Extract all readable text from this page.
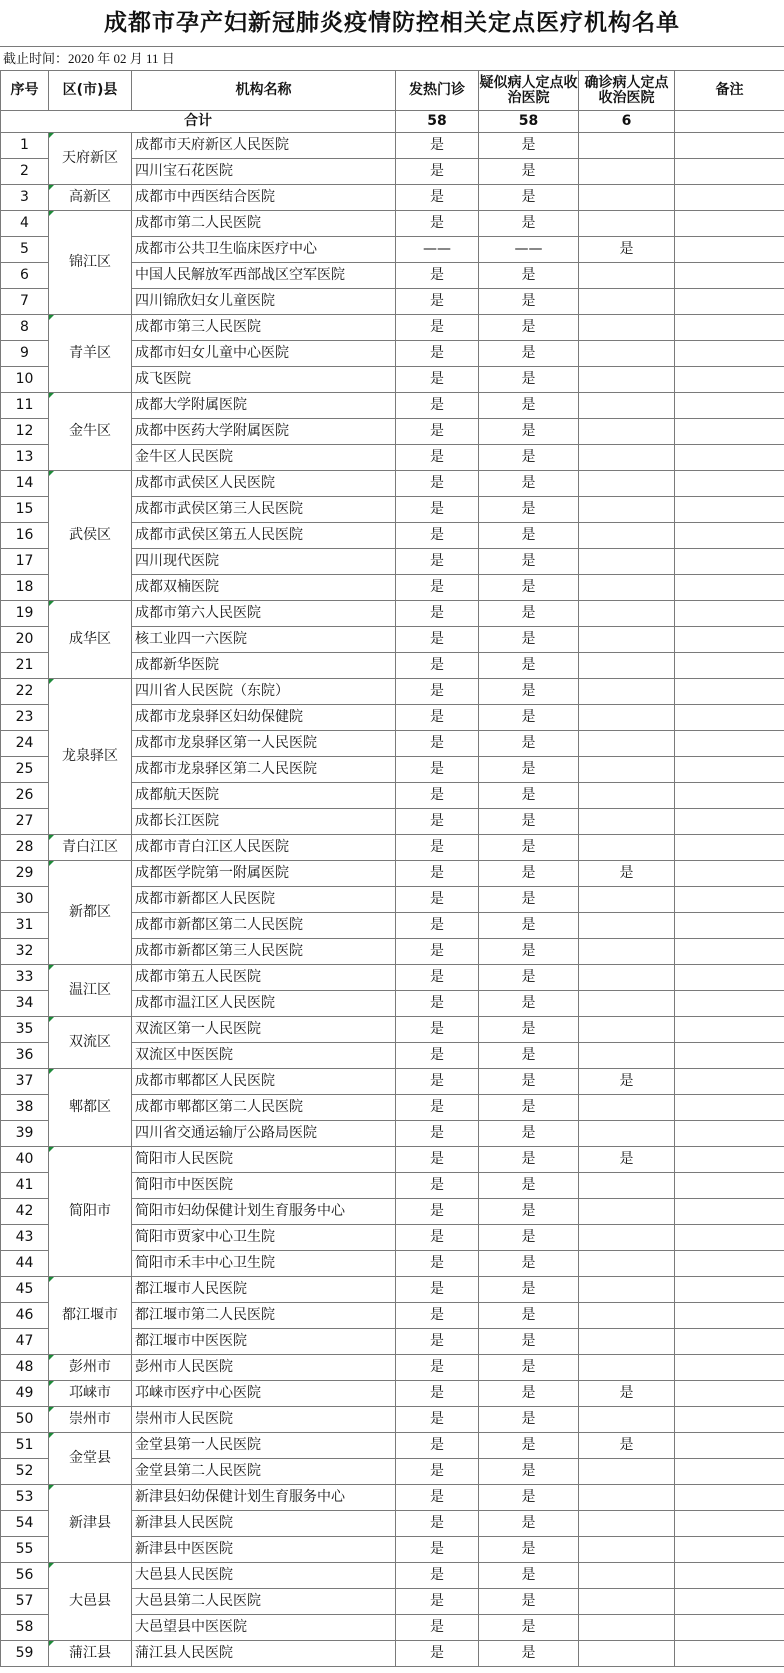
成都市孕产妇新冠肺炎疫情防控相关定点医疗机构名单
截止时间：2020 年 02 月 11 日
序号	区(市)县	机构名称	发热门诊	疑似病人定点收治医院	确诊病人定点收治医院	备注
合计			58	58	6	
1	天府新区	成都市天府新区人民医院	是	是		
2		四川宝石花医院	是	是		
3	高新区	成都市中西医结合医院	是	是		
4	锦江区	成都市第二人民医院	是	是		
5		成都市公共卫生临床医疗中心	——	——	是	
6		中国人民解放军西部战区空军医院	是	是		
7		四川锦欣妇女儿童医院	是	是		
8	青羊区	成都市第三人民医院	是	是		
9		成都市妇女儿童中心医院	是	是		
10		成飞医院	是	是		
11	金牛区	成都大学附属医院	是	是		
12		成都中医药大学附属医院	是	是		
13		金牛区人民医院	是	是		
14	武侯区	成都市武侯区人民医院	是	是		
15		成都市武侯区第三人民医院	是	是		
16		成都市武侯区第五人民医院	是	是		
17		四川现代医院	是	是		
18		成都双楠医院	是	是		
19	成华区	成都市第六人民医院	是	是		
20		核工业四一六医院	是	是		
21		成都新华医院	是	是		
22	龙泉驿区	四川省人民医院（东院）	是	是		
23		成都市龙泉驿区妇幼保健院	是	是		
24		成都市龙泉驿区第一人民医院	是	是		
25		成都市龙泉驿区第二人民医院	是	是		
26		成都航天医院	是	是		
27		成都长江医院	是	是		
28	青白江区	成都市青白江区人民医院	是	是		
29	新都区	成都医学院第一附属医院	是	是	是	
30		成都市新都区人民医院	是	是		
31		成都市新都区第二人民医院	是	是		
32		成都市新都区第三人民医院	是	是		
33	温江区	成都市第五人民医院	是	是		
34		成都市温江区人民医院	是	是		
35	双流区	双流区第一人民医院	是	是		
36		双流区中医医院	是	是		
37	郫都区	成都市郫都区人民医院	是	是	是	
38		成都市郫都区第二人民医院	是	是		
39		四川省交通运输厅公路局医院	是	是		
40	简阳市	简阳市人民医院	是	是	是	
41		简阳市中医医院	是	是		
42		简阳市妇幼保健计划生育服务中心	是	是		
43		简阳市贾家中心卫生院	是	是		
44		简阳市禾丰中心卫生院	是	是		
45	都江堰市	都江堰市人民医院	是	是		
46		都江堰市第二人民医院	是	是		
47		都江堰市中医医院	是	是		
48	彭州市	彭州市人民医院	是	是		
49	邛崃市	邛崃市医疗中心医院	是	是	是	
50	崇州市	崇州市人民医院	是	是		
51	金堂县	金堂县第一人民医院	是	是	是	
52		金堂县第二人民医院	是	是		
53	新津县	新津县妇幼保健计划生育服务中心	是	是		
54		新津县人民医院	是	是		
55		新津县中医医院	是	是		
56	大邑县	大邑县人民医院	是	是		
57		大邑县第二人民医院	是	是		
58		大邑望县中医医院	是	是		
59	蒲江县	蒲江县人民医院	是	是		
